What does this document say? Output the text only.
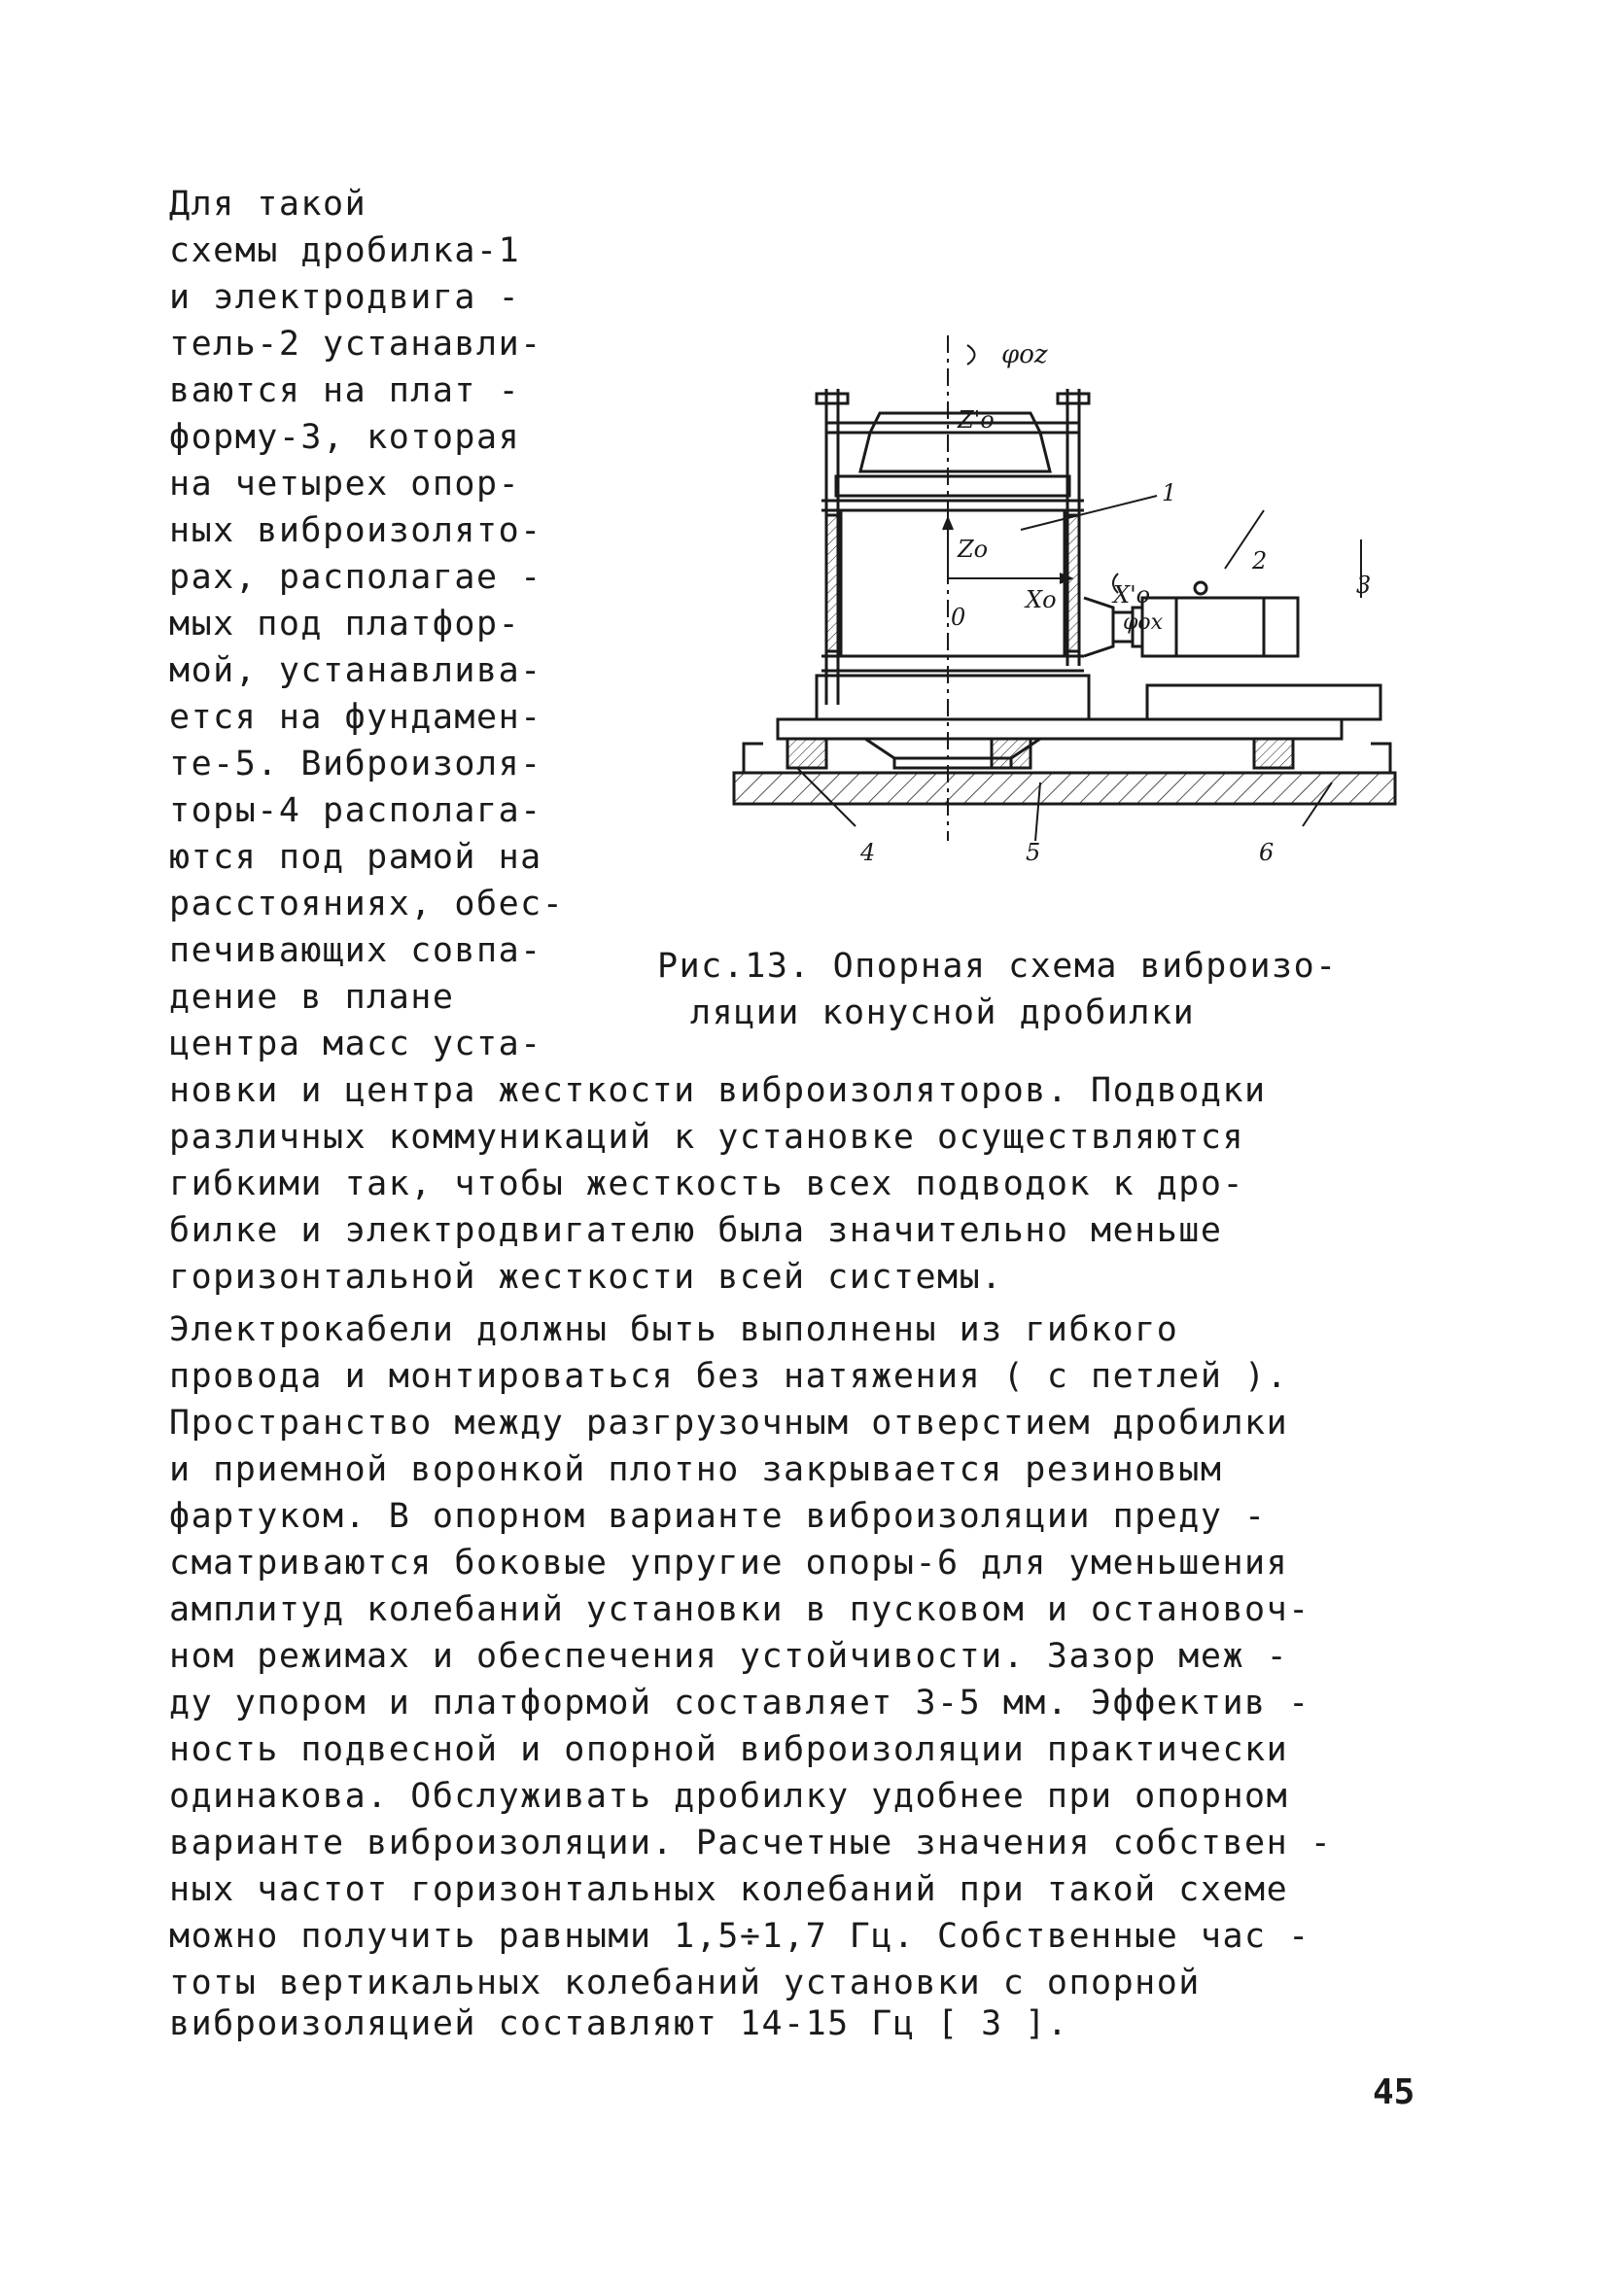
Для такой
схемы дробилка-1
и электродвига -
тель-2 устанавли-
ваются на плат -
форму-3, которая
на четырех опор-
ных виброизолято-
рах, располагае -
мых под платфор-
мой, устанавлива-
ется на фундамен-
те-5. Виброизоля-
торы-4 располага-
ются под рамой на
расстояниях, обес-
печивающих совпа-
дение в плане
центра масс уста-
φoz
Z'o
Zo
0
Xo X'o
φox
1
2
3
4	5	6
Рис.13. Опорная схема виброизо-
ляции конусной дробилки
новки и центра жесткости виброизоляторов. Подводки
различных коммуникаций к установке осуществляются
гибкими так, чтобы жесткость всех подводок к дро-
билке и электродвигателю была значительно меньше
горизонтальной жесткости всей системы.
Электрокабели должны быть выполнены из гибкого
провода и монтироваться без натяжения ( с петлей ).
Пространство между разгрузочным отверстием дробилки
и приемной воронкой плотно закрывается резиновым
фартуком. В опорном варианте виброизоляции преду -
сматриваются боковые упругие опоры-6 для уменьшения
амплитуд колебаний установки в пусковом и остановоч-
ном режимах и обеспечения устойчивости. Зазор меж -
ду упором и платформой составляет 3-5 мм. Эффектив -
ность подвесной и опорной виброизоляции практически
одинакова. Обслуживать дробилку удобнее при опорном
варианте виброизоляции. Расчетные значения собствен -
ных частот горизонтальных колебаний при такой схеме
можно получить равными 1,5÷1,7 Гц. Собственные час -
тоты вертикальных колебаний установки с опорной
виброизоляцией составляют 14-15 Гц [ 3 ].
45
